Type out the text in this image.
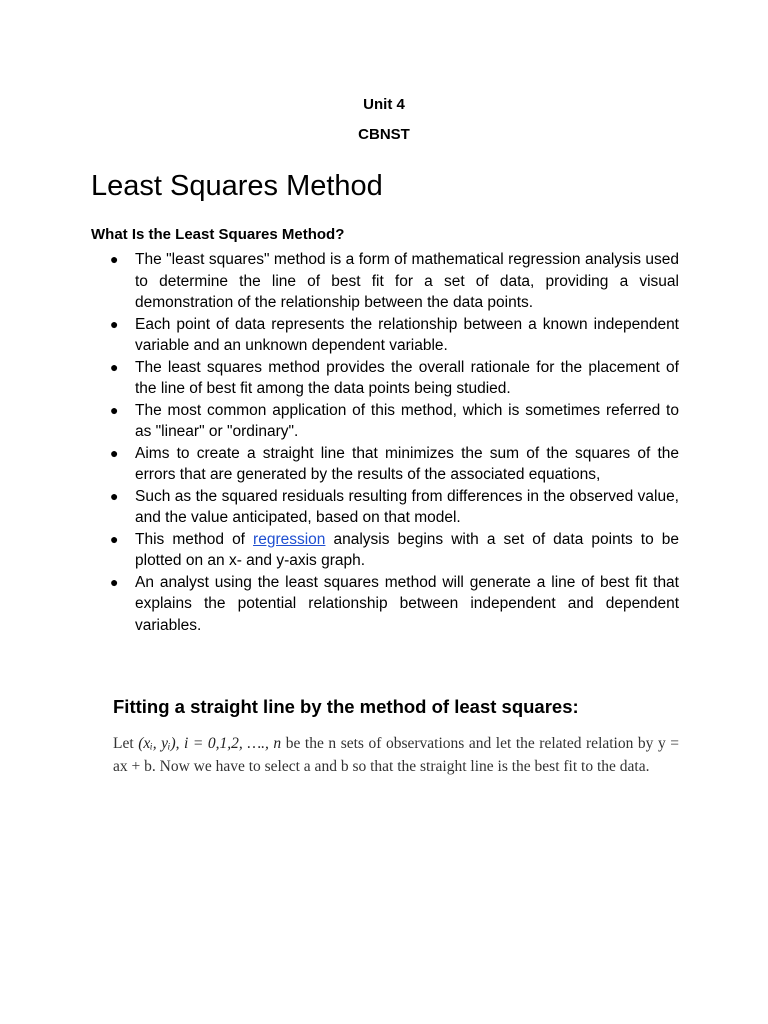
Unit 4
CBNST
Least Squares Method
What Is the Least Squares Method?
● The "least squares" method is a form of mathematical regression analysis used to determine the line of best fit for a set of data, providing a visual demonstration of the relationship between the data points.
● Each point of data represents the relationship between a known independent variable and an unknown dependent variable.
● The least squares method provides the overall rationale for the placement of the line of best fit among the data points being studied.
● The most common application of this method, which is sometimes referred to as "linear" or "ordinary".
● Aims to create a straight line that minimizes the sum of the squares of the errors that are generated by the results of the associated equations,
● Such as the squared residuals resulting from differences in the observed value, and the value anticipated, based on that model.
● This method of regression analysis begins with a set of data points to be plotted on an x- and y-axis graph.
● An analyst using the least squares method will generate a line of best fit that explains the potential relationship between independent and dependent variables.
Fitting a straight line by the method of least squares:

Let (xᵢ, yᵢ), i = 0,1,2, …., n be the n sets of observations and let the related relation by y = ax + b. Now we have to select a and b so that the straight line is the best fit to the data.
